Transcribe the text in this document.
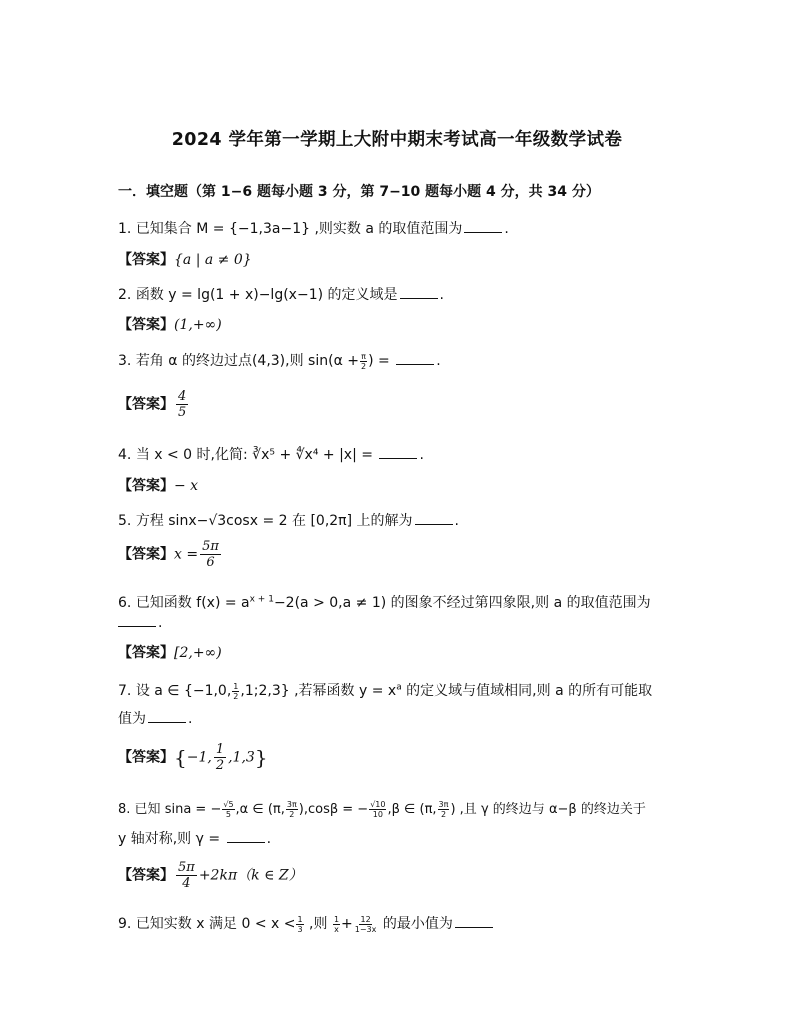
2024 学年第一学期上大附中期末考试高一年级数学试卷
一．填空题（第 1−6 题每小题 3 分，第 7−10 题每小题 4 分，共 34 分）
1. 已知集合 M = {−1,3a−1} ,则实数 a 的取值范围为	.
【答案】{a | a ≠ 0}
2. 函数 y = lg(1 + x)−lg(x−1) 的定义域是	.
【答案】(1,+∞)
3. 若角 α 的终边过点(4,3),则 $\sin(\alpha + \frac{\pi}{2}$ ) =	.
【答案】 $\frac{4}{5}$
4. 当 x < 0 时,化简: ∛x⁵ + ∜x⁴ + |x| =	.
【答案】− x
5. 方程 sinx−√3cosx = 2 在 [0,2π] 上的解为	.
【答案】$x = \frac{5\pi}{6}$
6. 已知函数 $f(x) = a^{x + 1}-2(a > 0,a \ne 1)$ 的图象不经过第四象限,则 a 的取值范围为
.
【答案】[2,+∞)
7. 设 a ∈ {−1,0, $\frac{1}{2}$ ,1;2,3} ,若幂函数 $y = x^a$ 的定义域与值域相同,则 a 的所有可能取
值为	.
【答案】{−1, $\frac{1}{2} ,1,3$}
8. 已知 sina = − $\frac{√5}{5} ,\alpha$ ∈ (π, $\frac{3\pi}{2} ),\cos\beta$ = − $\frac{√10}{10} ,\beta$ ∈ (π, $\frac{3\pi}{2}$ ) ,且 γ 的终边与 α−β 的终边关于
y 轴对称,则 γ =	.
【答案】 $\frac{5\pi}{4} +2k\pi(k$ ∈ Z）
9. 已知实数 x 满足 $0 < x < \frac{1}{3}$ ,则 $\frac{1}{x} + \frac{12}{1-3x}$ 的最小值为
